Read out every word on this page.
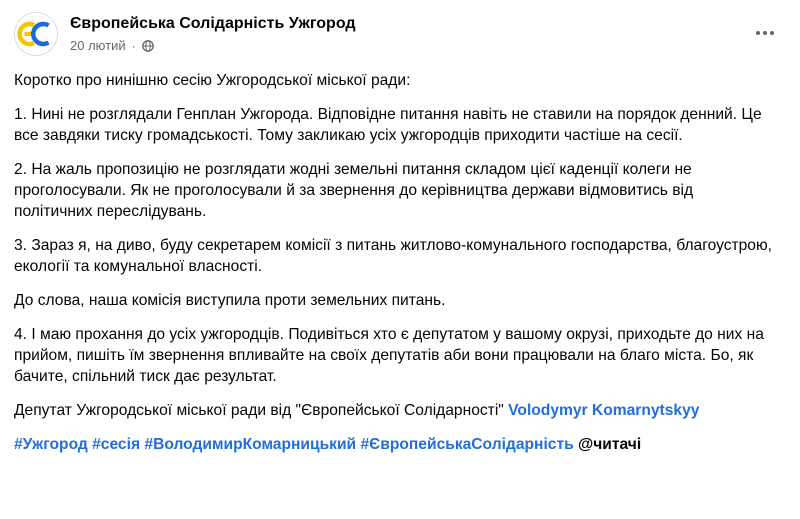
Європейська Солідарність Ужгород
20 лютий ·

Коротко про нинішню сесію Ужгородської міської ради:

1. Нині не розглядали Генплан Ужгорода. Відповідне питання навіть не ставили на порядок денний. Це все завдяки тиску громадськості. Тому закликаю усіх ужгородців приходити частіше на сесії.

2. На жаль пропозицію не розглядати жодні земельні питання складом цієї каденції колеги не проголосували. Як не проголосували й за звернення до керівництва держави відмовитись від політичних переслідувань.

3. Зараз я, на диво, буду секретарем комісії з питань житлово-комунального господарства, благоустрою, екології та комунальної власності.

До слова, наша комісія виступила проти земельних питань.

4. І маю прохання до усіх ужгородців. Подивіться хто є депутатом у вашому окрузі, приходьте до них на прийом, пишіть їм звернення впливайте на своїх депутатів аби вони працювали на благо міста. Бо, як бачите, спільний тиск дає результат.

Депутат Ужгородської міської ради від "Європейської Солідарності" Volodymyr Komarnytskyy

#Ужгород #сесія #ВолодимирКомарницький #ЄвропейськаСолідарність @читачі
